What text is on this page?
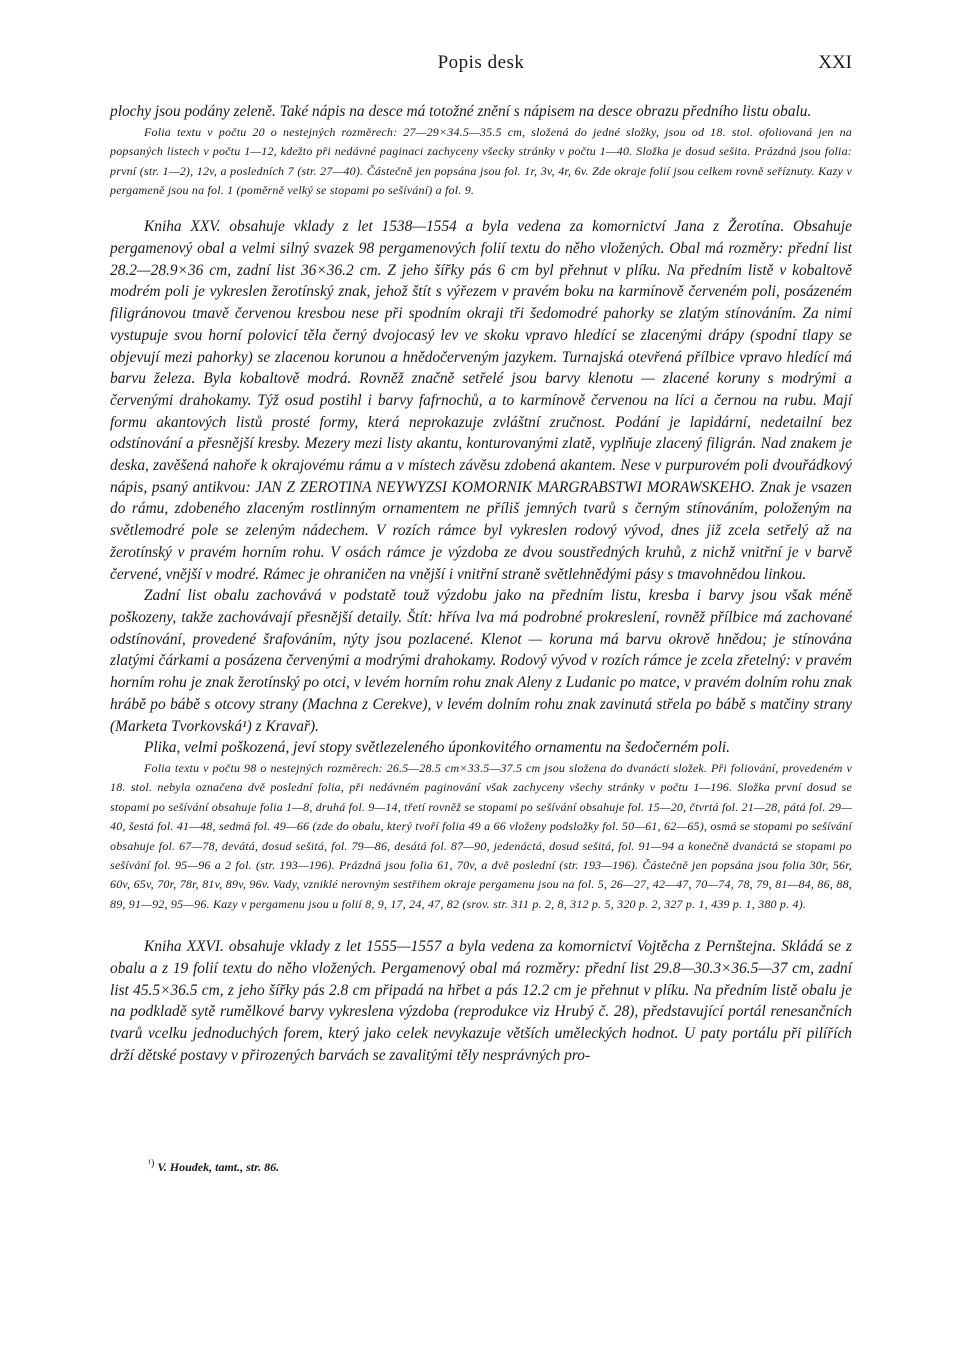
Popis desk	XXI

plochy jsou podány zeleně. Také nápis na desce má totožné znění s nápisem na desce obrazu předního listu obalu.

Folia textu v počtu 20 o nestejných rozměrech: 27—29×34.5—35.5 cm, složená do jedné složky, jsou od 18. stol. ofoliovaná jen na popsaných listech v počtu 1—12, kdežto při nedávné paginaci zachyceny všecky stránky v počtu 1—40. Složka je dosud sešita. Prázdná jsou folia: první (str. 1—2), 12v, a posledních 7 (str. 27—40). Částečně jen popsána jsou fol. 1r, 3v, 4r, 6v. Zde okraje folií jsou celkem rovně seříznuty. Kazy v pergameně jsou na fol. 1 (poměrně velký se stopami po sešívání) a fol. 9.

Kniha XXV. obsahuje vklady z let 1538—1554 a byla vedena za komornictví Jana z Žerotína. Obsahuje pergamenový obal a velmi silný svazek 98 pergamenových folií textu do něho vložených. Obal má rozměry: přední list 28.2—28.9×36 cm, zadní list 36×36.2 cm. Z jeho šířky pás 6 cm byl přehnut v plíku. Na předním listě v kobaltově modrém poli je vykreslen žerotínský znak, jehož štít s výřezem v pravém boku na karmínově červeném poli, posázeném filigránovou tmavě červenou kresbou nese při spodním okraji tři šedomodré pahorky se zlatým stínováním. Za nimi vystupuje svou horní polovicí těla černý dvojocasý lev ve skoku vpravo hledící se zlacenými drápy (spodní tlapy se objevují mezi pahorky) se zlacenou korunou a hnědočerveným jazykem. Turnajská otevřená přílbice vpravo hledící má barvu železa. Byla kobaltově modrá. Rovněž značně setřelé jsou barvy klenotu — zlacené koruny s modrými a červenými drahokamy. Týž osud postihl i barvy fafrnochů, a to karmínově červenou na líci a černou na rubu. Mají formu akantových listů prosté formy, která neprokazuje zvláštní zručnost. Podání je lapidární, nedetailní bez odstínování a přesnější kresby. Mezery mezi listy akantu, konturovanými zlatě, vyplňuje zlacený filigrán. Nad znakem je deska, zavěšená nahoře k okrajovému rámu a v místech závěsu zdobená akantem. Nese v purpurovém poli dvouřádkový nápis, psaný antikvou: JAN Z ZEROTINA NEYWYZSI KOMORNIK MARGRABSTWI MORAWSKEHO. Znak je vsazen do rámu, zdobeného zlaceným rostlinným ornamentem ne příliš jemných tvarů s černým stínováním, položeným na světlemodré pole se zeleným nádechem. V rozích rámce byl vykreslen rodový vývod, dnes již zcela setřelý až na žerotínský v pravém horním rohu. V osách rámce je výzdoba ze dvou soustředných kruhů, z nichž vnitřní je v barvě červené, vnější v modré. Rámec je ohraničen na vnější i vnitřní straně světlehnědými pásy s tmavohnědou linkou.

Zadní list obalu zachovává v podstatě touž výzdobu jako na předním listu, kresba i barvy jsou však méně poškozeny, takže zachovávají přesnější detaily. Štít: hříva lva má podrobné prokreslení, rovněž přílbice má zachované odstínování, provedené šrafováním, nýty jsou pozlacené. Klenot — koruna má barvu okrově hnědou; je stínována zlatými čárkami a posázena červenými a modrými drahokamy. Rodový vývod v rozích rámce je zcela zřetelný: v pravém horním rohu je znak žerotínský po otci, v levém horním rohu znak Aleny z Ludanic po matce, v pravém dolním rohu znak hrábě po bábě s otcovy strany (Machna z Cerekve), v levém dolním rohu znak zavinutá střela po bábě s matčiny strany (Marketa Tvorkovská¹) z Kravař).

Plika, velmi poškozená, jeví stopy světlezeleného úponkovitého ornamentu na šedočerném poli.

Folia textu v počtu 98 o nestejných rozměrech: 26.5—28.5 cm×33.5—37.5 cm jsou složena do dvanácti složek. Při foliování, provedeném v 18. stol. nebyla označena dvě poslední folia, při nedávném paginování však zachyceny všechy stránky v počtu 1—196. Složka první dosud se stopami po sešívání obsahuje folia 1—8, druhá fol. 9—14, třetí rovněž se stopami po sešívání obsahuje fol. 15—20, čtvrtá fol. 21—28, pátá fol. 29—40, šestá fol. 41—48, sedmá fol. 49—66 (zde do obalu, který tvoří folia 49 a 66 vloženy podsložky fol. 50—61, 62—65), osmá se stopami po sešívání obsahuje fol. 67—78, devátá, dosud sešitá, fol. 79—86, desátá fol. 87—90, jedenáctá, dosud sešitá, fol. 91—94 a konečně dvanáctá se stopami po sešívání fol. 95—96 a 2 fol. (str. 193—196). Prázdná jsou folia 61, 70v, a dvě poslední (str. 193—196). Částečně jen popsána jsou folia 30r, 56r, 60v, 65v, 70r, 78r, 81v, 89v, 96v. Vady, vzniklé nerovným sestřihem okraje pergamenu jsou na fol. 5, 26—27, 42—47, 70—74, 78, 79, 81—84, 86, 88, 89, 91—92, 95—96. Kazy v pergamenu jsou u folií 8, 9, 17, 24, 47, 82 (srov. str. 311 p. 2, 8, 312 p. 5, 320 p. 2, 327 p. 1, 439 p. 1, 380 p. 4).

Kniha XXVI. obsahuje vklady z let 1555—1557 a byla vedena za komornictví Vojtěcha z Pernštejna. Skládá se z obalu a z 19 folií textu do něho vložených. Pergamenový obal má rozměry: přední list 29.8—30.3×36.5—37 cm, zadní list 45.5×36.5 cm, z jeho šířky pás 2.8 cm připadá na hřbet a pás 12.2 cm je přehnut v plíku. Na předním listě obalu je na podkladě sytě rumělkové barvy vykreslena výzdoba (reprodukce viz Hrubý č. 28), představující portál renesančních tvarů vcelku jednoduchých forem, který jako celek nevykazuje větších uměleckých hodnot. U paty portálu při pilířích drží dětské postavy v přirozených barvách se zavalitými těly nesprávných pro-

$^{^1)}$ V. Houdek, tamt., str. 86.
